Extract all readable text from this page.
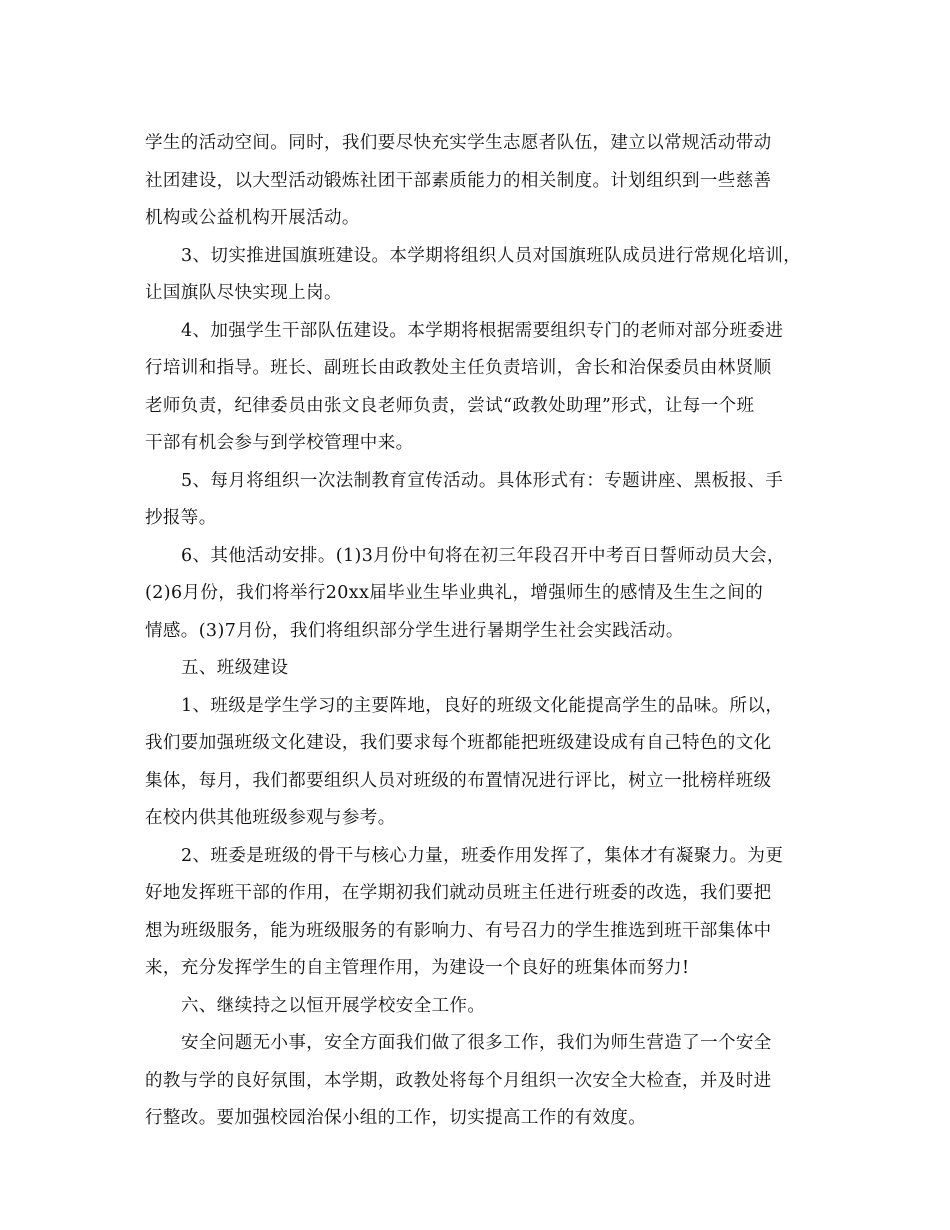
学生的活动空间。同时，我们要尽快充实学生志愿者队伍，建立以常规活动带动
社团建设，以大型活动锻炼社团干部素质能力的相关制度。计划组织到一些慈善
机构或公益机构开展活动。
3、切实推进国旗班建设。本学期将组织人员对国旗班队成员进行常规化培训，
让国旗队尽快实现上岗。
4、加强学生干部队伍建设。本学期将根据需要组织专门的老师对部分班委进
行培训和指导。班长、副班长由政教处主任负责培训，舍长和治保委员由林贤顺
老师负责，纪律委员由张文良老师负责，尝试“政教处助理”形式，让每一个班
干部有机会参与到学校管理中来。
5、每月将组织一次法制教育宣传活动。具体形式有：专题讲座、黑板报、手
抄报等。
6、其他活动安排。(1)3月份中旬将在初三年段召开中考百日誓师动员大会，
(2)6月份，我们将举行20xx届毕业生毕业典礼，增强师生的感情及生生之间的
情感。(3)7月份，我们将组织部分学生进行暑期学生社会实践活动。
五、班级建设
1、班级是学生学习的主要阵地，良好的班级文化能提高学生的品味。所以，
我们要加强班级文化建设，我们要求每个班都能把班级建设成有自己特色的文化
集体，每月，我们都要组织人员对班级的布置情况进行评比，树立一批榜样班级
在校内供其他班级参观与参考。
2、班委是班级的骨干与核心力量，班委作用发挥了，集体才有凝聚力。为更
好地发挥班干部的作用，在学期初我们就动员班主任进行班委的改选，我们要把
想为班级服务，能为班级服务的有影响力、有号召力的学生推选到班干部集体中
来，充分发挥学生的自主管理作用，为建设一个良好的班集体而努力!
六、继续持之以恒开展学校安全工作。
安全问题无小事，安全方面我们做了很多工作，我们为师生营造了一个安全
的教与学的良好氛围，本学期，政教处将每个月组织一次安全大检查，并及时进
行整改。要加强校园治保小组的工作，切实提高工作的有效度。
